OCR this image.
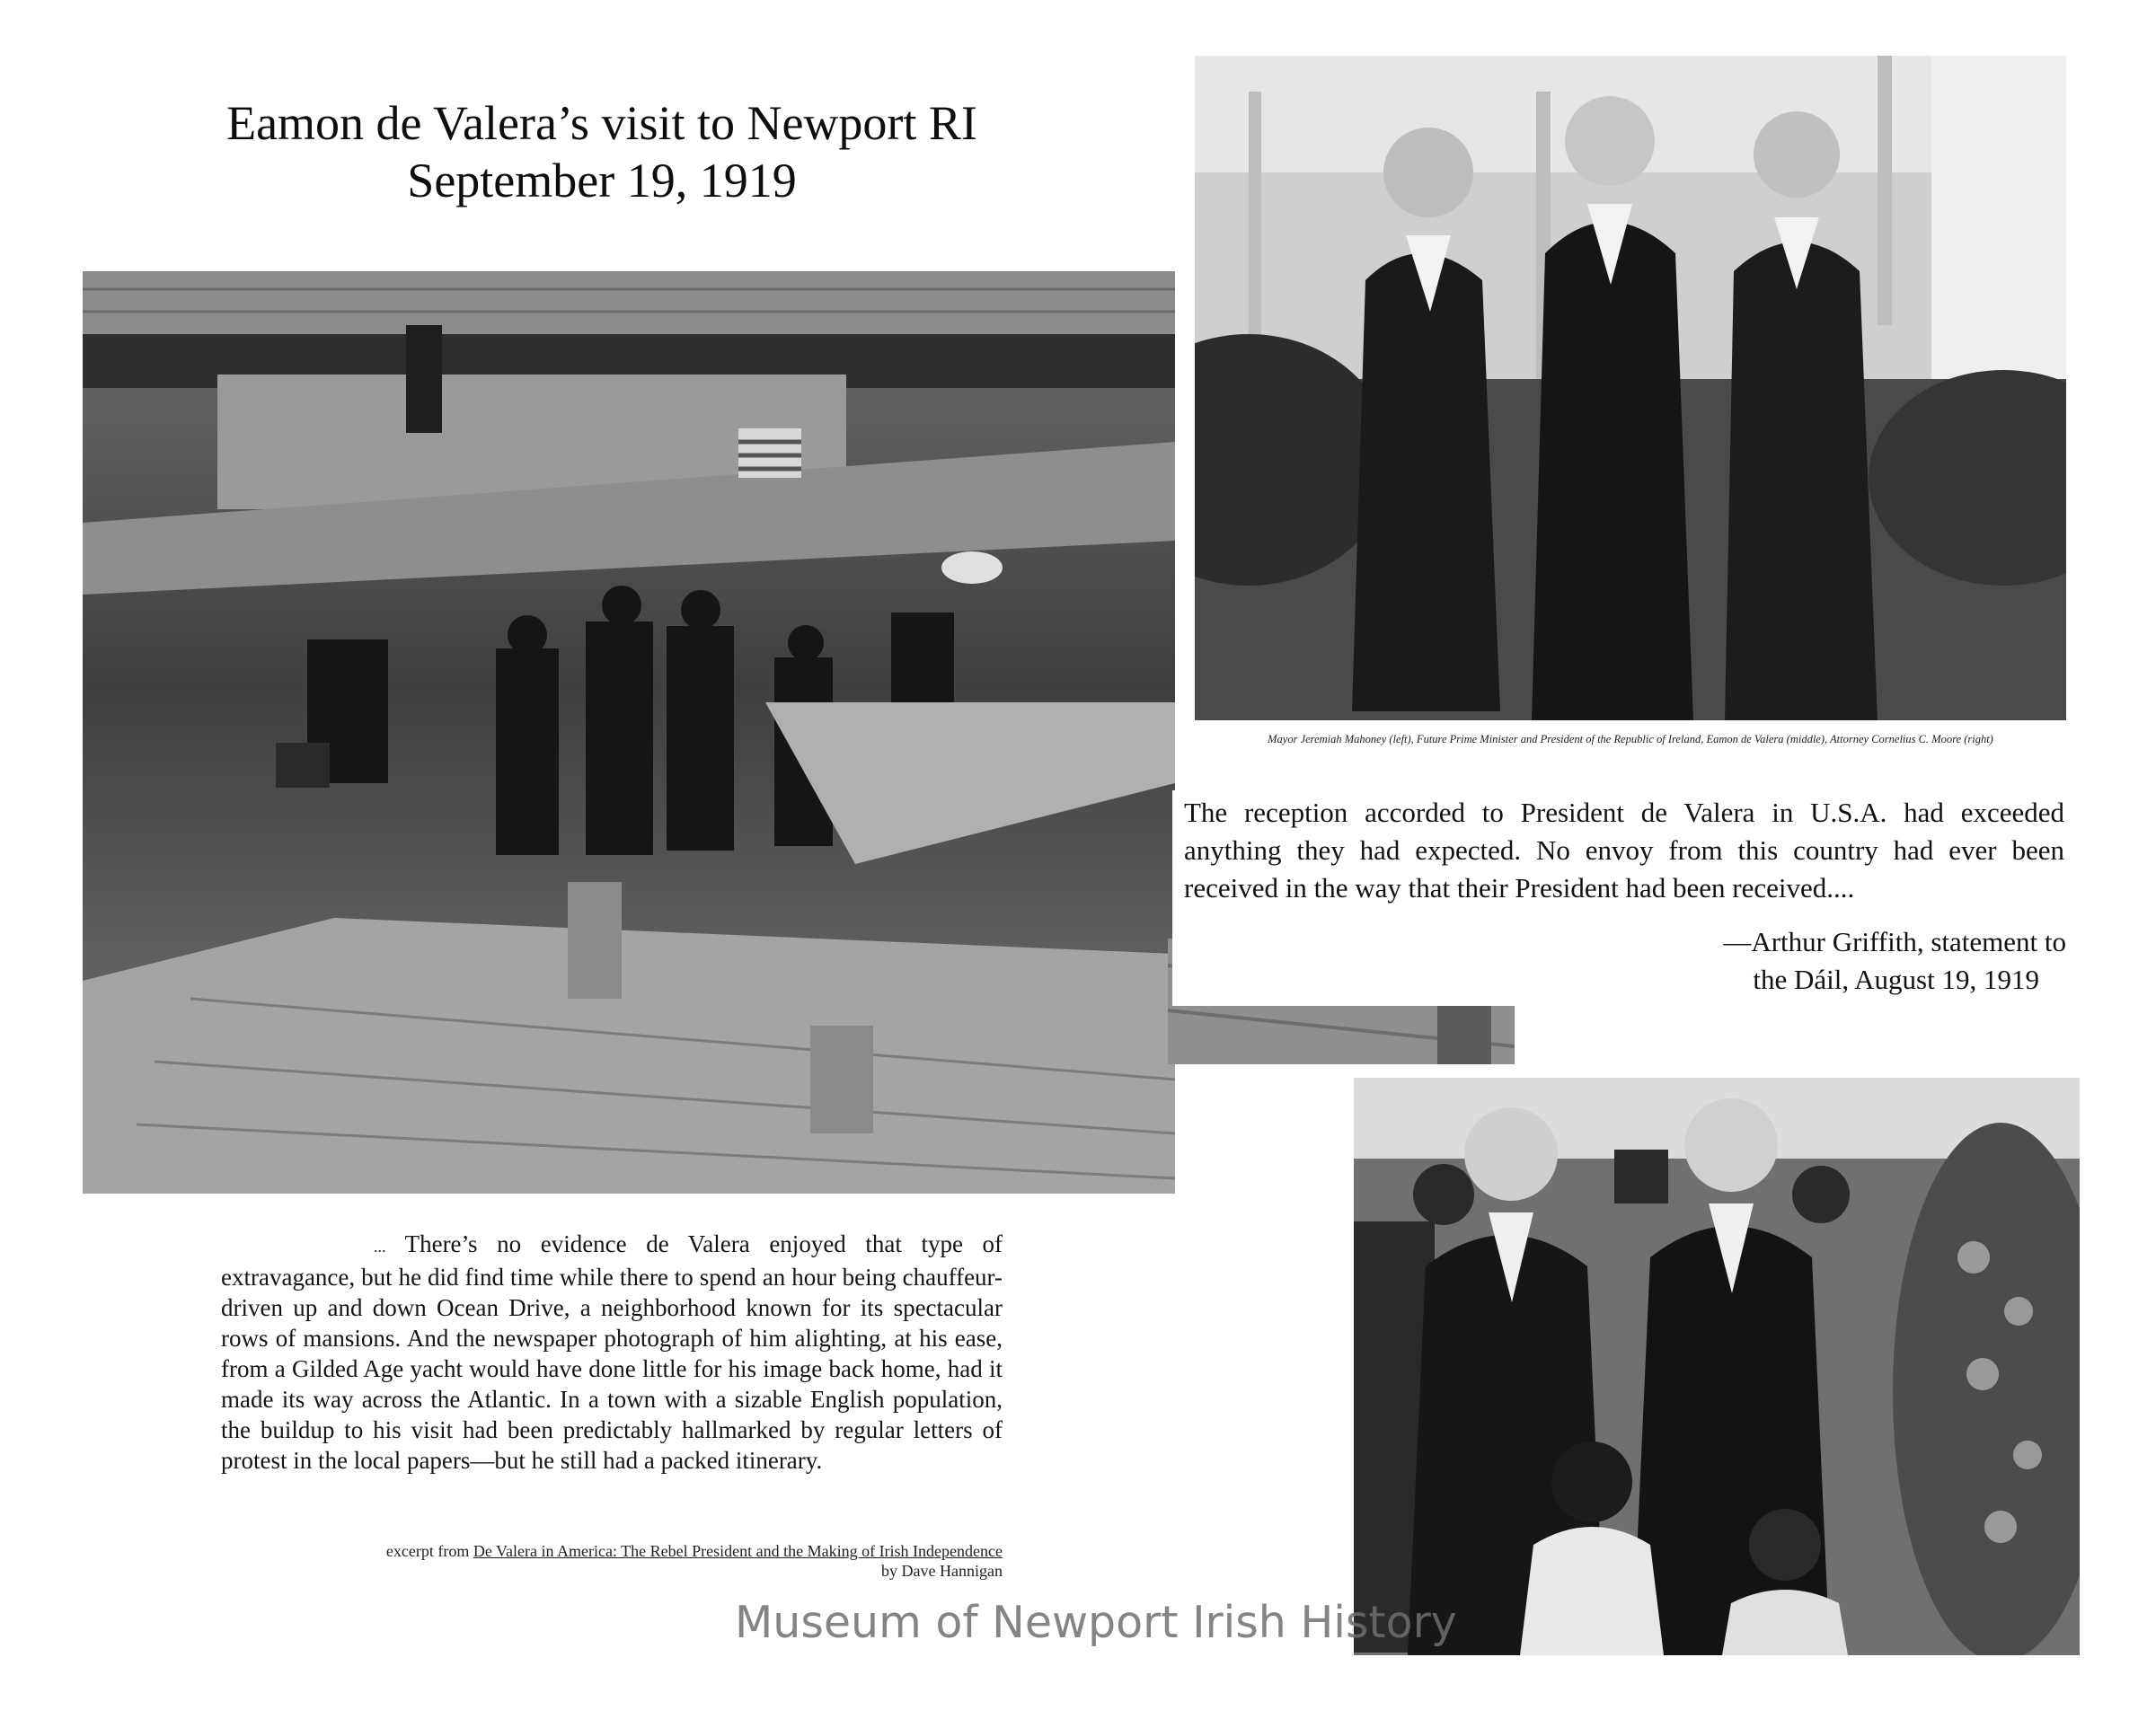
Eamon de Valera’s visit to Newport RI
September 19, 1919
Mayor Jeremiah Mahoney (left), Future Prime Minister and President of the Republic of Ireland, Eamon de Valera (middle), Attorney Cornelius C. Moore (right)
The reception accorded to President de Valera in U.S.A. had exceeded anything they had expected. No envoy from this country had ever been received in the way that their President had been received....
—Arthur Griffith, statement to
the Dáil, August 19, 1919
... There’s no evidence de Valera enjoyed that type of extravagance, but he did find time while there to spend an hour being chauffeur-driven up and down Ocean Drive, a neighborhood known for its spectacular rows of mansions. And the newspaper photograph of him alighting, at his ease, from a Gilded Age yacht would have done little for his image back home, had it made its way across the Atlantic. In a town with a sizable English population, the buildup to his visit had been predictably hallmarked by regular letters of protest in the local papers—but he still had a packed itinerary.
excerpt from De Valera in America: The Rebel President and the Making of Irish Independence
by Dave Hannigan
Museum of Newport Irish History
